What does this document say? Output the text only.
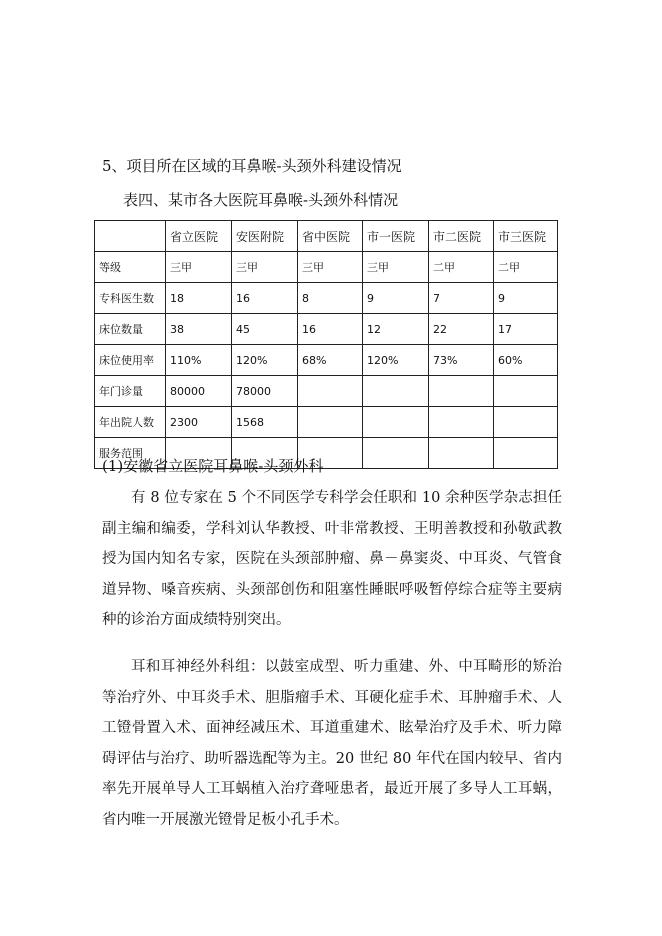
5、项目所在区域的耳鼻喉-头颈外科建设情况
表四、某市各大医院耳鼻喉-头颈外科情况
	省立医院	安医附院	省中医院	市一医院	市二医院	市三医院
等级	三甲	三甲	三甲	三甲	二甲	二甲
专科医生数	18	16	8	9	7	9
床位数量	38	45	16	12	22	17
床位使用率	110%	120%	68%	120%	73%	60%
年门诊量	80000	78000				
年出院人数	2300	1568				
服务范围						
(1)安徽省立医院耳鼻喉-头颈外科

有 8 位专家在 5 个不同医学专科学会任职和 10 余种医学杂志担任副主编和编委，学科刘认华教授、叶非常教授、王明善教授和孙敬武教授为国内知名专家，医院在头颈部肿瘤、鼻－鼻窦炎、中耳炎、气管食道异物、嗓音疾病、头颈部创伤和阻塞性睡眠呼吸暂停综合症等主要病种的诊治方面成绩特别突出。

耳和耳神经外科组：以鼓室成型、听力重建、外、中耳畸形的矫治等治疗外、中耳炎手术、胆脂瘤手术、耳硬化症手术、耳肿瘤手术、人工镫骨置入术、面神经减压术、耳道重建术、眩晕治疗及手术、听力障碍评估与治疗、助听器选配等为主。20 世纪 80 年代在国内较早、省内率先开展单导人工耳蜗植入治疗聋哑患者，最近开展了多导人工耳蜗，省内唯一开展激光镫骨足板小孔手术。
